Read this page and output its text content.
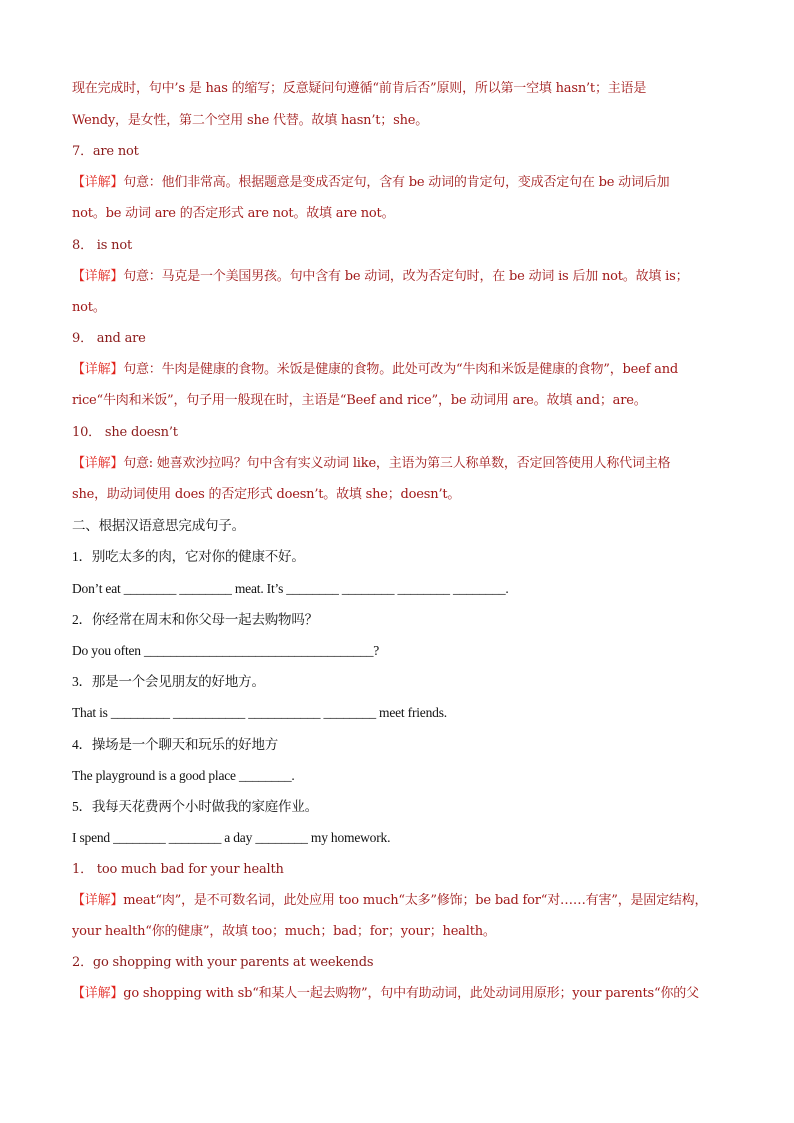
现在完成时，句中’s 是 has 的缩写；反意疑问句遵循“前肯后否”原则，所以第一空填 hasn’t；主语是
Wendy，是女性，第二个空用 she 代替。故填 hasn’t；she。
7．are not
【详解】句意：他们非常高。根据题意是变成否定句，含有 be 动词的肯定句，变成否定句在 be 动词后加
not。be 动词 are 的否定形式 are not。故填 are not。
8． is not
【详解】句意：马克是一个美国男孩。句中含有 be 动词，改为否定句时，在 be 动词 is 后加 not。故填 is；
not。
9． and are
【详解】句意：牛肉是健康的食物。米饭是健康的食物。此处可改为“牛肉和米饭是健康的食物”，beef and
rice“牛肉和米饭”，句子用一般现在时，主语是“Beef and rice”，be 动词用 are。故填 and；are。
10． she doesn’t
【详解】句意: 她喜欢沙拉吗？句中含有实义动词 like，主语为第三人称单数，否定回答使用人称代词主格
she，助动词使用 does 的否定形式 doesn’t。故填 she；doesn’t。
二、根据汉语意思完成句子。
1．别吃太多的肉，它对你的健康不好。
Don’t eat ________ ________ meat. It’s ________ ________ ________ ________.
2．你经常在周末和你父母一起去购物吗？
Do you often ___________________________________?
3．那是一个会见朋友的好地方。
That is _________ ___________ ___________ ________ meet friends.
4．操场是一个聊天和玩乐的好地方
The playground is a good place ________.
5．我每天花费两个小时做我的家庭作业。
I spend ________ ________ a day ________ my homework.
1． too much bad for your health
【详解】meat“肉”，是不可数名词，此处应用 too much“太多”修饰；be bad for“对……有害”，是固定结构，
your health“你的健康”，故填 too；much；bad；for；your；health。
2．go shopping with your parents at weekends
【详解】go shopping with sb“和某人一起去购物”，句中有助动词，此处动词用原形；your parents“你的父
